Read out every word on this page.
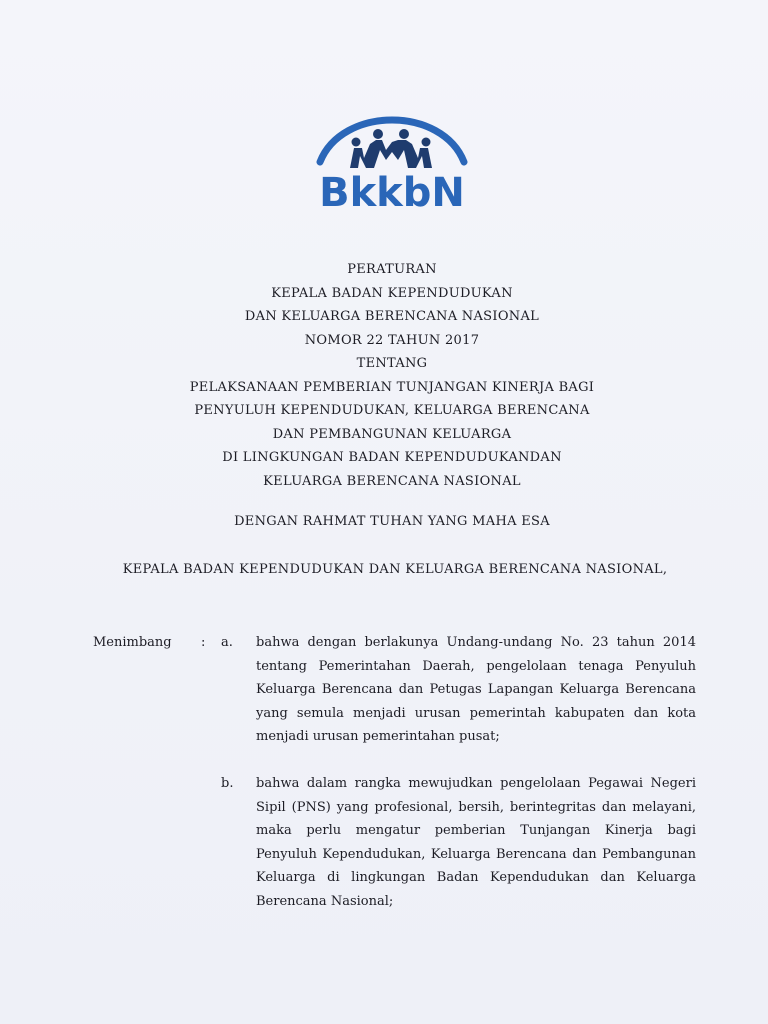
BkkbN
PERATURAN
KEPALA BADAN KEPENDUDUKAN
DAN KELUARGA BERENCANA NASIONAL
NOMOR 22 TAHUN 2017
TENTANG
PELAKSANAAN PEMBERIAN TUNJANGAN KINERJA BAGI
PENYULUH KEPENDUDUKAN, KELUARGA BERENCANA
DAN PEMBANGUNAN KELUARGA
DI LINGKUNGAN BADAN KEPENDUDUKANDAN
KELUARGA BERENCANA NASIONAL
DENGAN RAHMAT TUHAN YANG MAHA ESA
KEPALA BADAN KEPENDUDUKAN DAN KELUARGA BERENCANA NASIONAL,
Menimbang : a. bahwa dengan berlakunya Undang-undang No. 23 tahun 2014 tentang Pemerintahan Daerah, pengelolaan tenaga Penyuluh Keluarga Berencana dan Petugas Lapangan Keluarga Berencana yang semula menjadi urusan pemerintah kabupaten dan kota menjadi urusan pemerintahan pusat;
b. bahwa dalam rangka mewujudkan pengelolaan Pegawai Negeri Sipil (PNS) yang profesional, bersih, berintegritas dan melayani, maka perlu mengatur pemberian Tunjangan Kinerja bagi Penyuluh Kependudukan, Keluarga Berencana dan Pembangunan Keluarga di lingkungan Badan Kependudukan dan Keluarga Berencana Nasional;
